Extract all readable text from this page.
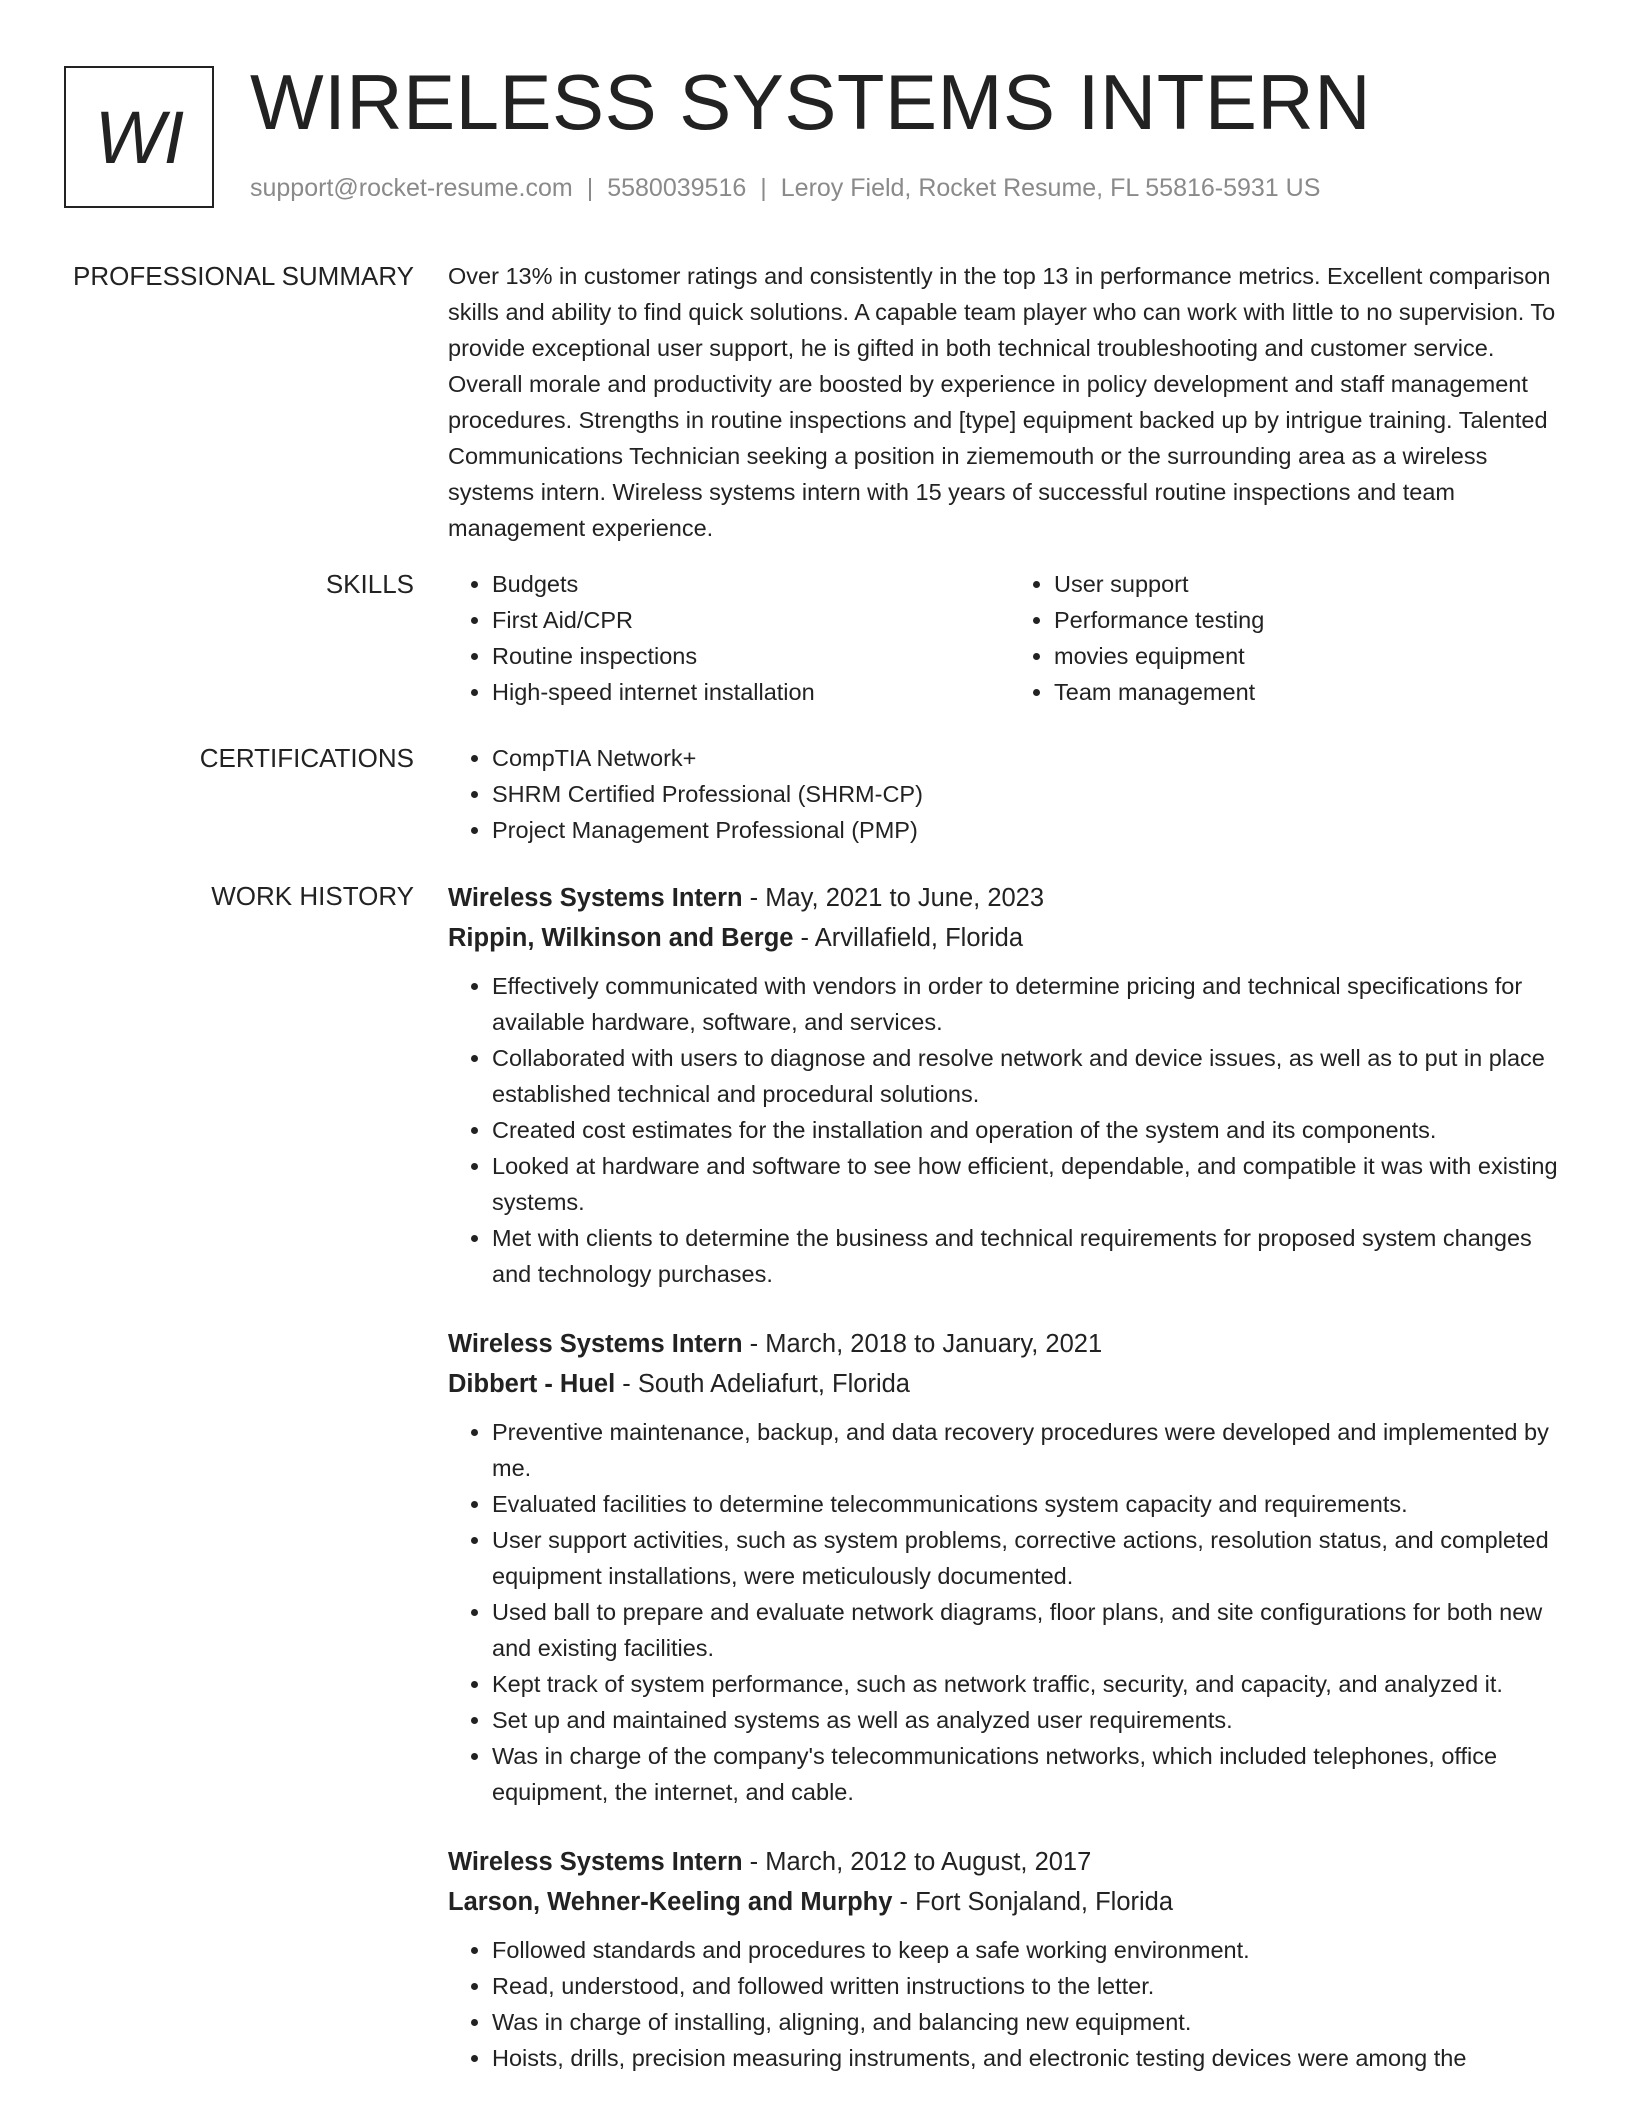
WI WIRELESS SYSTEMS INTERN
support@rocket-resume.com | 5580039516 | Leroy Field, Rocket Resume, FL 55816-5931 US
PROFESSIONAL SUMMARY Over 13% in customer ratings and consistently in the top 13 in performance metrics. Excellent comparison skills and ability to find quick solutions. A capable team player who can work with little to no supervision. To provide exceptional user support, he is gifted in both technical troubleshooting and customer service. Overall morale and productivity are boosted by experience in policy development and staff management procedures. Strengths in routine inspections and [type] equipment backed up by intrigue training. Talented Communications Technician seeking a position in ziememouth or the surrounding area as a wireless systems intern. Wireless systems intern with 15 years of successful routine inspections and team management experience.

SKILLS	• Budgets
• First Aid/CPR
• Routine inspections
• High-speed internet installation
• User support
• Performance testing
• movies equipment
• Team management
CERTIFICATIONS	• CompTIA Network+
• SHRM Certified Professional (SHRM-CP)
• Project Management Professional (PMP)
WORK HISTORY Wireless Systems Intern - May, 2021 to June, 2023
Rippin, Wilkinson and Berge - Arvillafield, Florida
• Effectively communicated with vendors in order to determine pricing and technical specifications for available hardware, software, and services.
• Collaborated with users to diagnose and resolve network and device issues, as well as to put in place established technical and procedural solutions.
• Created cost estimates for the installation and operation of the system and its components.
• Looked at hardware and software to see how efficient, dependable, and compatible it was with existing systems.
• Met with clients to determine the business and technical requirements for proposed system changes and technology purchases.
Wireless Systems Intern - March, 2018 to January, 2021
Dibbert - Huel - South Adeliafurt, Florida
• Preventive maintenance, backup, and data recovery procedures were developed and implemented by me.
• Evaluated facilities to determine telecommunications system capacity and requirements.
• User support activities, such as system problems, corrective actions, resolution status, and completed equipment installations, were meticulously documented.
• Used ball to prepare and evaluate network diagrams, floor plans, and site configurations for both new and existing facilities.
• Kept track of system performance, such as network traffic, security, and capacity, and analyzed it.
• Set up and maintained systems as well as analyzed user requirements.
• Was in charge of the company's telecommunications networks, which included telephones, office equipment, the internet, and cable.
Wireless Systems Intern - March, 2012 to August, 2017
Larson, Wehner-Keeling and Murphy - Fort Sonjaland, Florida
• Followed standards and procedures to keep a safe working environment.
• Read, understood, and followed written instructions to the letter.
• Was in charge of installing, aligning, and balancing new equipment.
• Hoists, drills, precision measuring instruments, and electronic testing devices were among the
